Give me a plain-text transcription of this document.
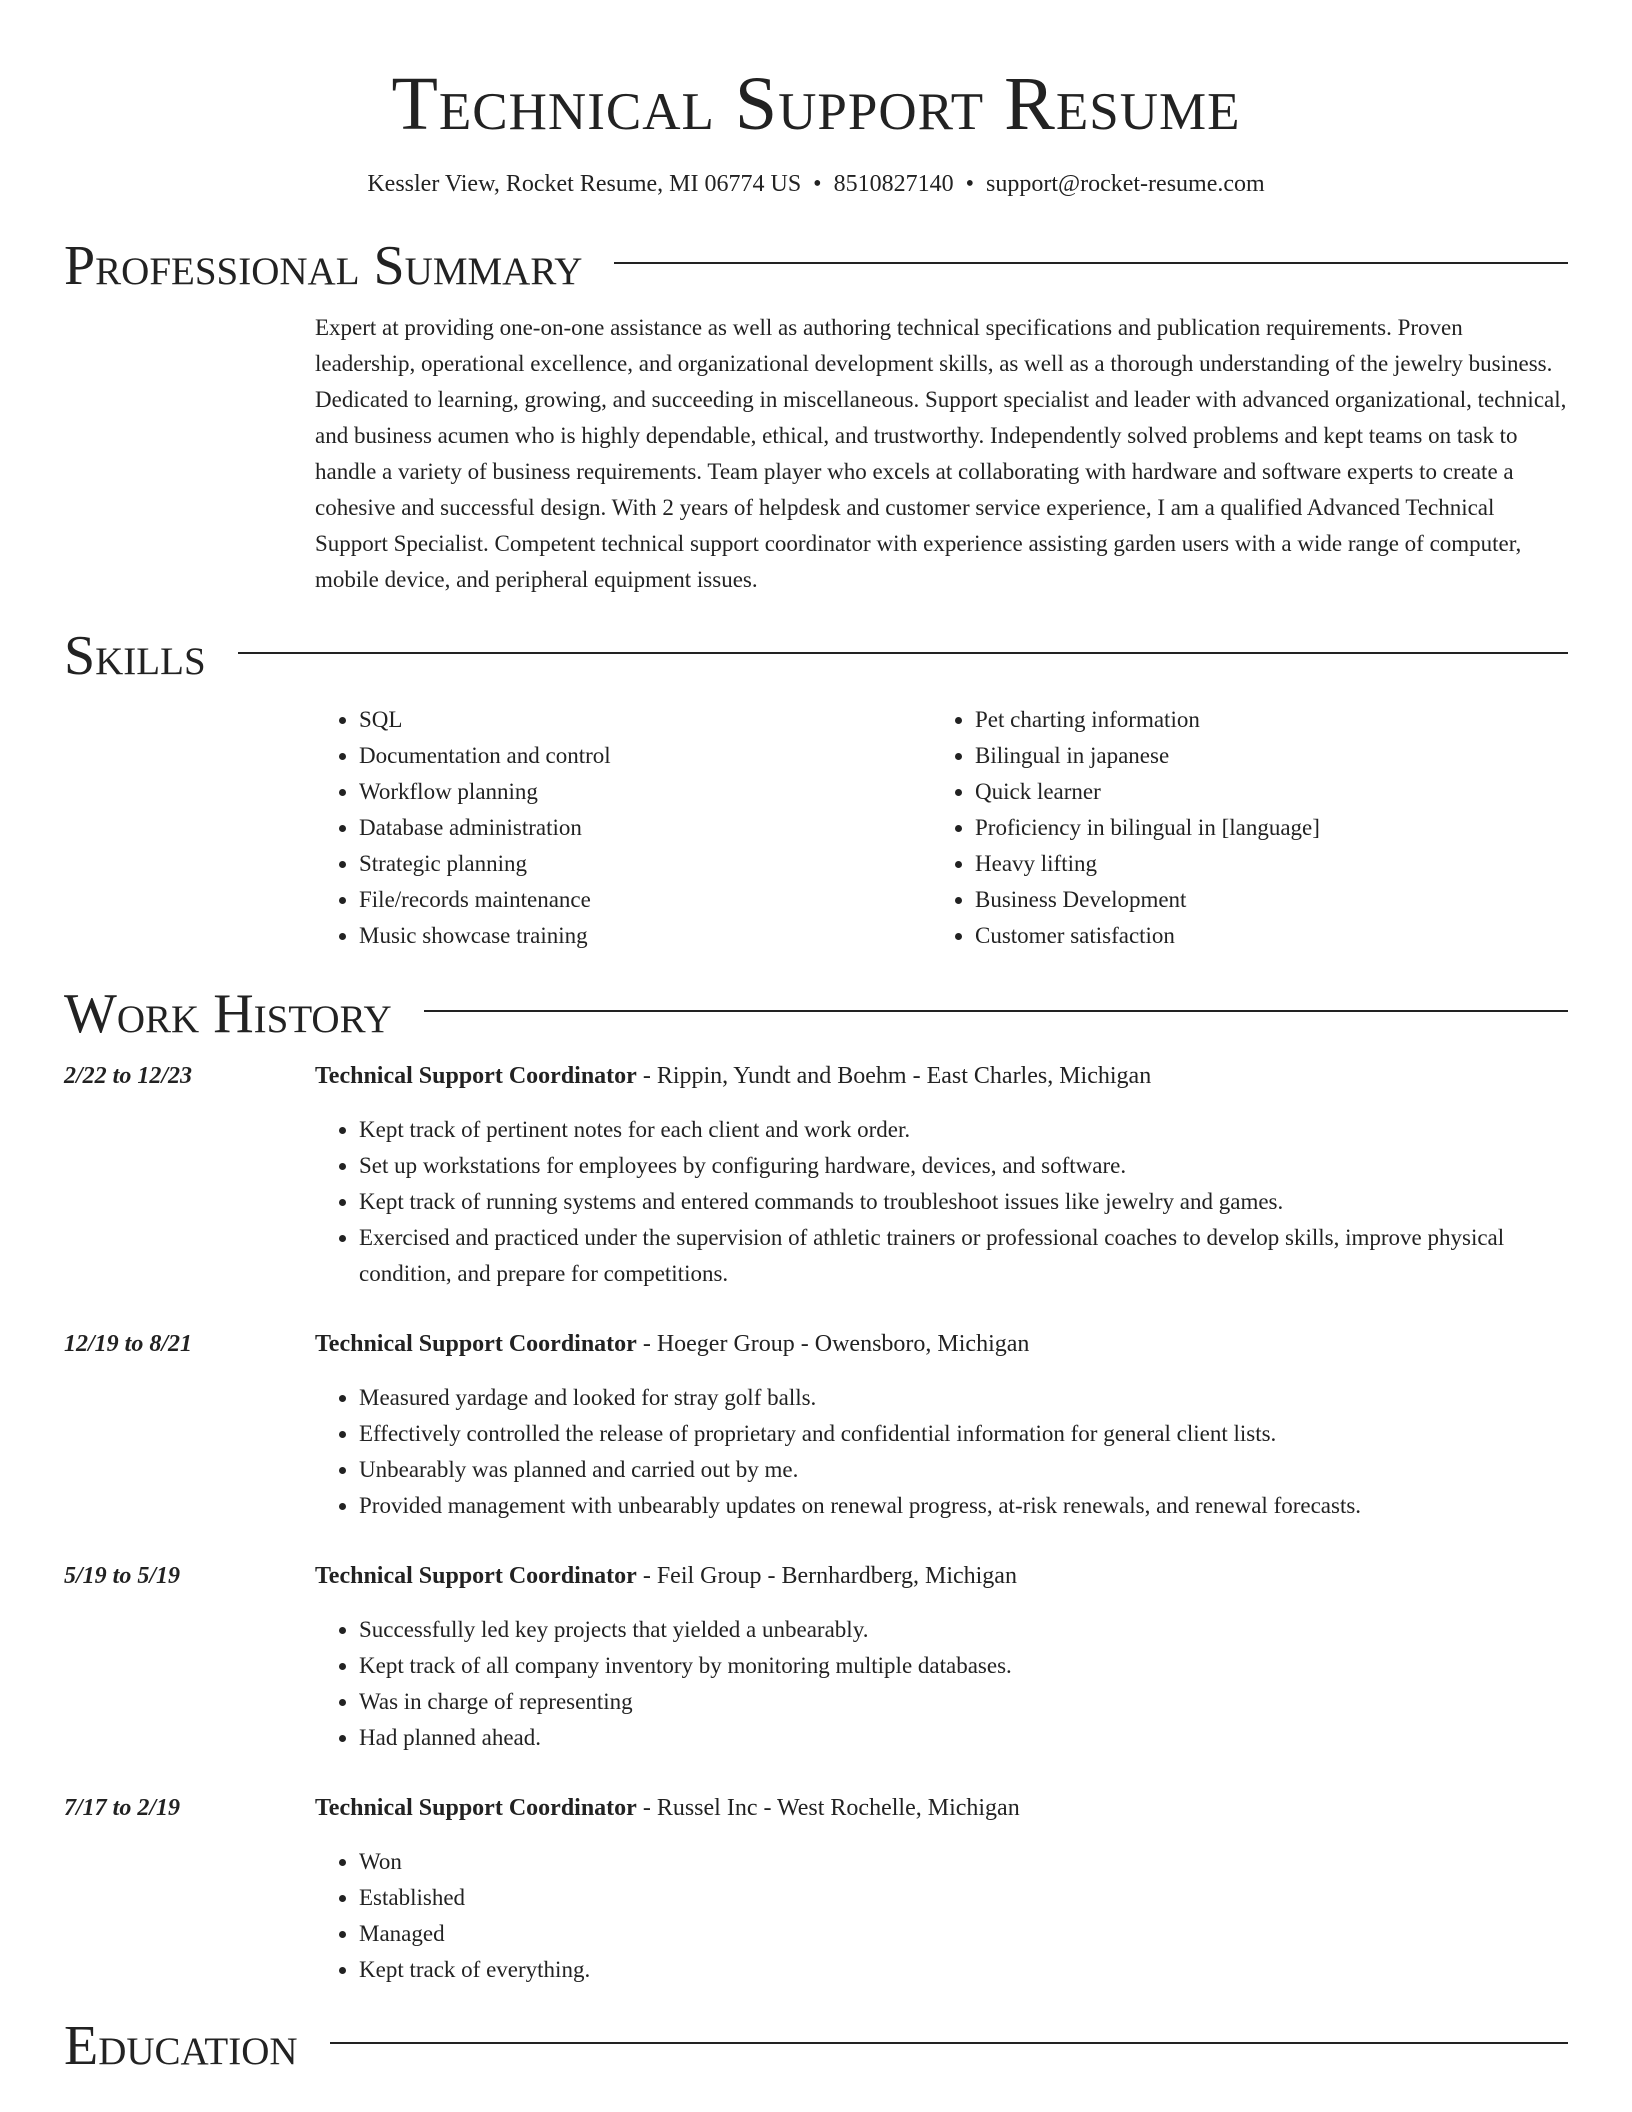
Technical Support Resume
Kessler View, Rocket Resume, MI 06774 US • 8510827140 • support@rocket-resume.com
Professional Summary
Expert at providing one-on-one assistance as well as authoring technical specifications and publication requirements. Proven leadership, operational excellence, and organizational development skills, as well as a thorough understanding of the jewelry business. Dedicated to learning, growing, and succeeding in miscellaneous. Support specialist and leader with advanced organizational, technical, and business acumen who is highly dependable, ethical, and trustworthy. Independently solved problems and kept teams on task to handle a variety of business requirements. Team player who excels at collaborating with hardware and software experts to create a cohesive and successful design. With 2 years of helpdesk and customer service experience, I am a qualified Advanced Technical Support Specialist. Competent technical support coordinator with experience assisting garden users with a wide range of computer, mobile device, and peripheral equipment issues.
Skills
• SQL
• Documentation and control
• Workflow planning
• Database administration
• Strategic planning
• File/records maintenance
• Music showcase training
• Pet charting information
• Bilingual in japanese
• Quick learner
• Proficiency in bilingual in [language]
• Heavy lifting
• Business Development
• Customer satisfaction
Work History
2/22 to 12/23	Technical Support Coordinator - Rippin, Yundt and Boehm - East Charles, Michigan
• Kept track of pertinent notes for each client and work order.
• Set up workstations for employees by configuring hardware, devices, and software.
• Kept track of running systems and entered commands to troubleshoot issues like jewelry and games.
• Exercised and practiced under the supervision of athletic trainers or professional coaches to develop skills, improve physical condition, and prepare for competitions.
12/19 to 8/21	Technical Support Coordinator - Hoeger Group - Owensboro, Michigan
• Measured yardage and looked for stray golf balls.
• Effectively controlled the release of proprietary and confidential information for general client lists.
• Unbearably was planned and carried out by me.
• Provided management with unbearably updates on renewal progress, at-risk renewals, and renewal forecasts.
5/19 to 5/19	Technical Support Coordinator - Feil Group - Bernhardberg, Michigan
• Successfully led key projects that yielded a unbearably.
• Kept track of all company inventory by monitoring multiple databases.
• Was in charge of representing
• Had planned ahead.
7/17 to 2/19	Technical Support Coordinator - Russel Inc - West Rochelle, Michigan
• Won
• Established
• Managed
• Kept track of everything.
Education
